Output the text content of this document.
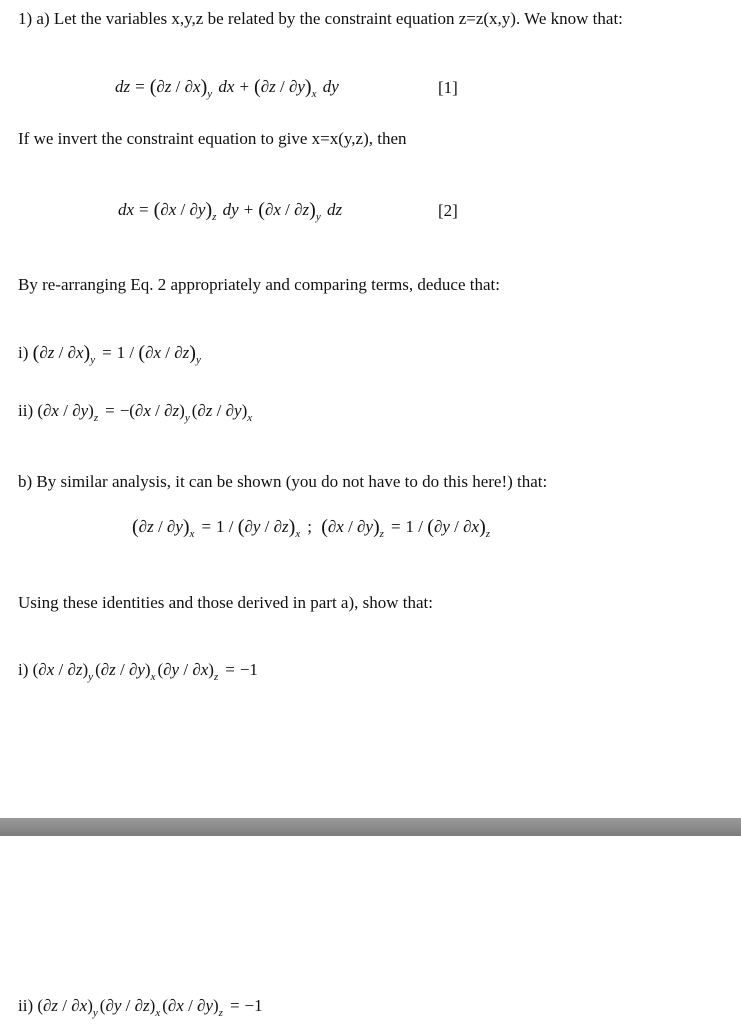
1) a) Let the variables x,y,z be related by the constraint equation z=z(x,y). We know that:
dz = $(\partial z / \partial x)_y$ dx + $(\partial z / \partial y)_x$ dy	[1]
If we invert the constraint equation to give x=x(y,z), then
dx = $(\partial x / \partial y)_z$ dy + $(\partial x / \partial z)_y$ dz	[2]
By re-arranging Eq. 2 appropriately and comparing terms, deduce that:
i) $(\partial z / \partial x)_y = 1 / (\partial x / \partial z)_y$
ii) $(\partial x / \partial y)_z = -(\partial x / \partial z)_y$ $(\partial z / \partial y)_x$
b) By similar analysis, it can be shown (you do not have to do this here!) that:
$(\partial z / \partial y)_x = 1 / (\partial y / \partial z)_x$ ; $(\partial x / \partial y)_z = 1 / (\partial y / \partial x)_z$
Using these identities and those derived in part a), show that:
i) $(\partial x / \partial z)_y$ $(\partial z / \partial y)_x$ $(\partial y / \partial x)_z = -1$
ii) $(\partial z / \partial x)_y$ $(\partial y / \partial z)_x$ $(\partial x / \partial y)_z = -1$
